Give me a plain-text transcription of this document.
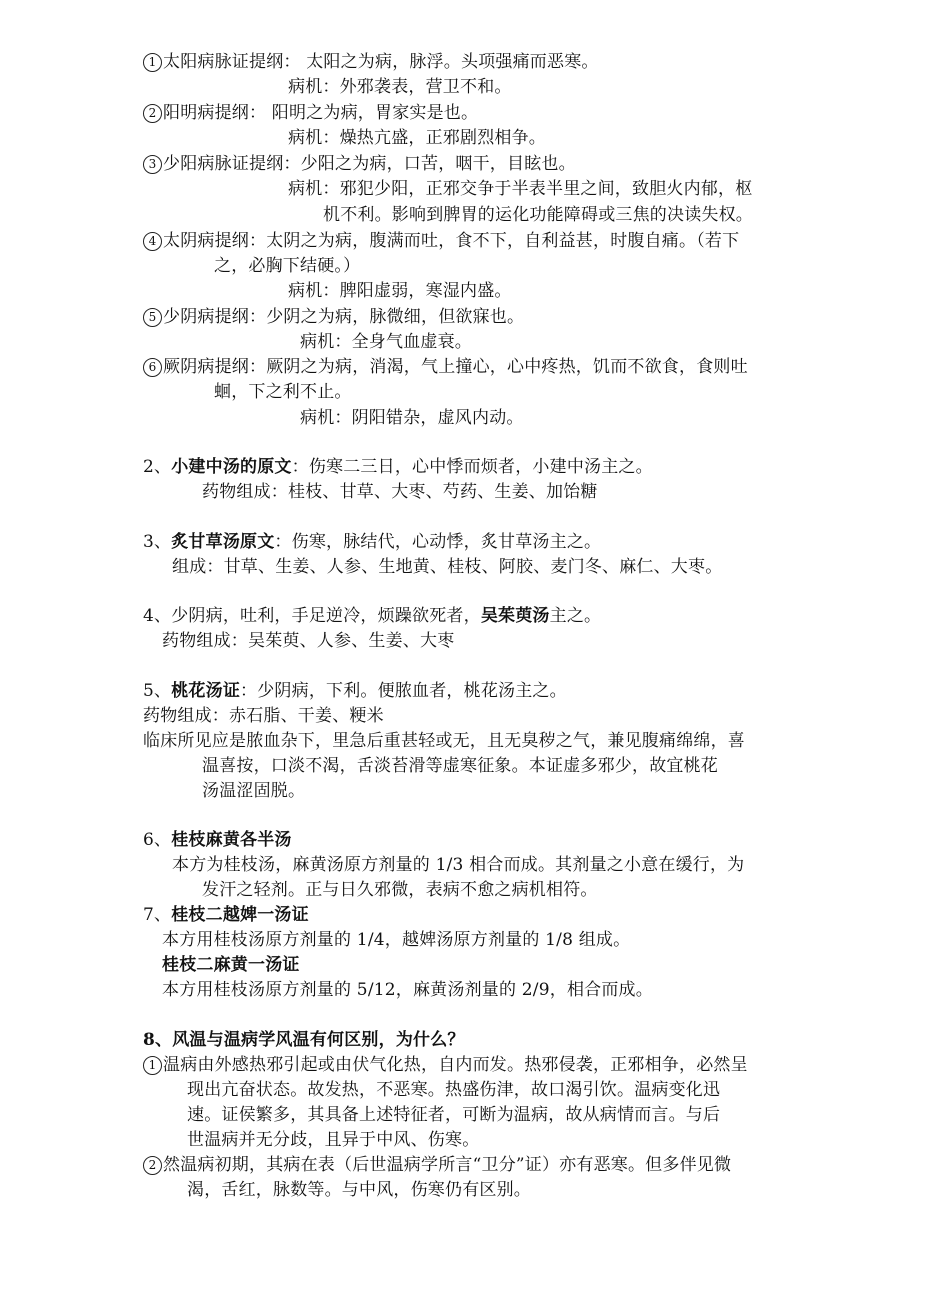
1 太阳病脉证提纲： 太阳之为病，脉浮。头项强痛而恶寒。
病机：外邪袭表，营卫不和。
2 阳明病提纲： 阳明之为病，胃家实是也。
病机：燥热亢盛，正邪剧烈相争。
3 少阳病脉证提纲：少阳之为病，口苦，咽干，目眩也。
病机：邪犯少阳，正邪交争于半表半里之间，致胆火内郁，枢
机不利。影响到脾胃的运化功能障碍或三焦的决读失权。
4 太阴病提纲：太阴之为病，腹满而吐，食不下，自利益甚，时腹自痛。（若下
之，必胸下结硬。）
病机：脾阳虚弱，寒湿内盛。
5 少阴病提纲：少阴之为病，脉微细，但欲寐也。
病机：全身气血虚衰。
6 厥阴病提纲：厥阴之为病，消渴，气上撞心，心中疼热，饥而不欲食，食则吐
蛔，下之利不止。
病机：阴阳错杂，虚风内动。
2、小建中汤的原文：伤寒二三日，心中悸而烦者，小建中汤主之。
药物组成：桂枝、甘草、大枣、芍药、生姜、加饴糖
3、炙甘草汤原文：伤寒，脉结代，心动悸，炙甘草汤主之。
组成：甘草、生姜、人参、生地黄、桂枝、阿胶、麦门冬、麻仁、大枣。
4、少阴病，吐利，手足逆冷，烦躁欲死者，吴茱萸汤主之。
药物组成：吴茱萸、人参、生姜、大枣
5、桃花汤证：少阴病，下利。便脓血者，桃花汤主之。
药物组成：赤石脂、干姜、粳米
临床所见应是脓血杂下，里急后重甚轻或无，且无臭秽之气，兼见腹痛绵绵，喜
温喜按，口淡不渴，舌淡苔滑等虚寒征象。本证虚多邪少，故宜桃花
汤温涩固脱。
6、桂枝麻黄各半汤
本方为桂枝汤，麻黄汤原方剂量的 1/3 相合而成。其剂量之小意在缓行，为
发汗之轻剂。正与日久邪微，表病不愈之病机相符。
7、桂枝二越婢一汤证
本方用桂枝汤原方剂量的 1/4，越婢汤原方剂量的 1/8 组成。
桂枝二麻黄一汤证
本方用桂枝汤原方剂量的 5/12，麻黄汤剂量的 2/9，相合而成。
8、风温与温病学风温有何区别，为什么？
1 温病由外感热邪引起或由伏气化热，自内而发。热邪侵袭，正邪相争，必然呈
现出亢奋状态。故发热，不恶寒。热盛伤津，故口渴引饮。温病变化迅
速。证侯繁多，其具备上述特征者，可断为温病，故从病情而言。与后
世温病并无分歧，且异于中风、伤寒。
2 然温病初期，其病在表（后世温病学所言“卫分”证）亦有恶寒。但多伴见微
渴，舌红，脉数等。与中风，伤寒仍有区别。
